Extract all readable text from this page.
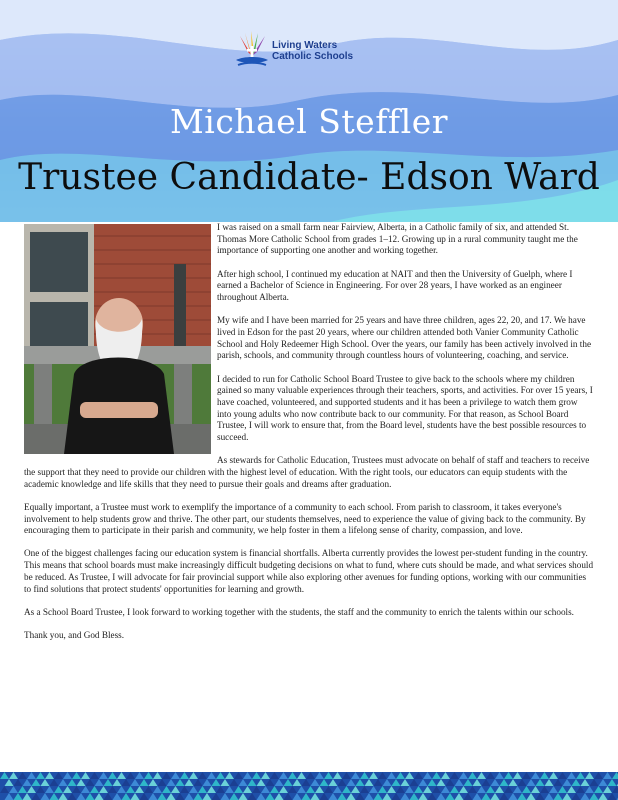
Living Waters
Catholic Schools
Michael Steffler
Trustee Candidate- Edson Ward

I was raised on a small farm near Fairview, Alberta, in a Catholic family of six, and attended St. Thomas More Catholic School from grades 1–12. Growing up in a rural community taught me the importance of supporting one another and working together.

After high school, I continued my education at NAIT and then the University of Guelph, where I earned a Bachelor of Science in Engineering. For over 28 years, I have worked as an engineer throughout Alberta.

My wife and I have been married for 25 years and have three children, ages 22, 20, and 17. We have lived in Edson for the past 20 years, where our children attended both Vanier Community Catholic School and Holy Redeemer High School. Over the years, our family has been actively involved in the parish, schools, and community through countless hours of volunteering, coaching, and service.

I decided to run for Catholic School Board Trustee to give back to the schools where my children gained so many valuable experiences through their teachers, sports, and activities. For over 15 years, I have coached, volunteered, and supported students and it has been a privilege to watch them grow into young adults who now contribute back to our community. For that reason, as School Board Trustee, I will work to ensure that, from the Board level, students have the best possible resources to succeed.

As stewards for Catholic Education, Trustees must advocate on behalf of staff and teachers to receive the support that they need to provide our children with the highest level of education. With the right tools, our educators can equip students with the academic knowledge and life skills that they need to pursue their goals and dreams after graduation.

Equally important, a Trustee must work to exemplify the importance of a community to each school. From parish to classroom, it takes everyone's involvement to help students grow and thrive. The other part, our students themselves, need to experience the value of giving back to the community. By encouraging them to participate in their parish and community, we help foster in them a lifelong sense of charity, compassion, and love.

One of the biggest challenges facing our education system is financial shortfalls. Alberta currently provides the lowest per-student funding in the country. This means that school boards must make increasingly difficult budgeting decisions on what to fund, where cuts should be made, and what services should be reduced. As Trustee, I will advocate for fair provincial support while also exploring other avenues for funding options, working with our communities to find solutions that protect students' opportunities for learning and growth.

As a School Board Trustee, I look forward to working together with the students, the staff and the community to enrich the talents within our schools.

Thank you, and God Bless.
